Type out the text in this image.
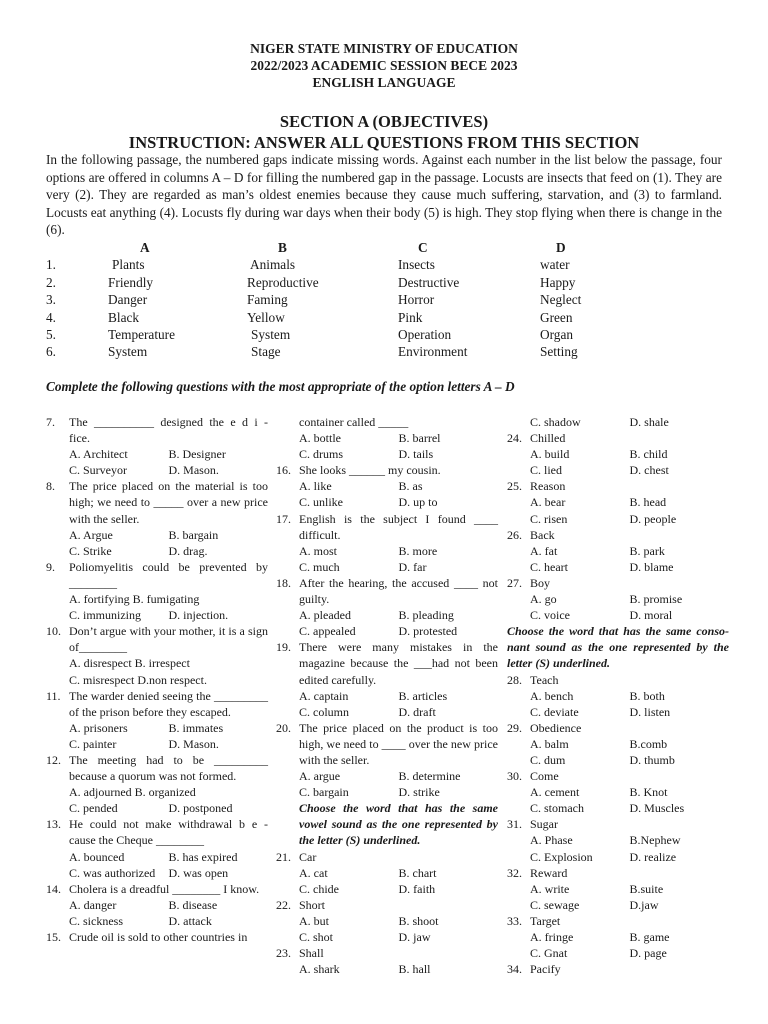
NIGER STATE MINISTRY OF EDUCATION
2022/2023 ACADEMIC SESSION BECE 2023
ENGLISH LANGUAGE
SECTION A (OBJECTIVES)
INSTRUCTION: ANSWER ALL QUESTIONS FROM THIS SECTION
In the following passage, the numbered gaps indicate missing words. Against each number in the list below the passage, four options are offered in columns A – D for filling the numbered gap in the passage. Locusts are insects that feed on (1). They are very (2). They are regarded as man’s oldest enemies because they cause much suffering, starvation, and (3) to farmland. Locusts eat anything (4). Locusts fly during war days when their body (5) is high. They stop flying when there is change in the (6).
A	B	C	D
1.	Plants	Animals	Insects	water
2.	Friendly	Reproductive	Destructive	Happy
3.	Danger	Faming	Horror	Neglect
4.	Black	Yellow	Pink	Green
5.	Temperature	System	Operation	Organ
6.	System	Stage	Environment	Setting
Complete the following questions with the most appropriate of the option letters A – D
7.	The __________ designed the e d i - fice.
A. Architect	B. Designer
C. Surveyor	D. Mason.
8.	The price placed on the material is too high; we need to _____ over a new price with the seller.
A. Argue	B. bargain
C. Strike	D. drag.
9.	Poliomyelitis could be prevented by ________
A. fortifying B. fumigating
C. immunizing	D. injection.
10. Don’t argue with your mother, it is a sign of________
A. disrespect B. irrespect
C. misrespect D.non respect.
11. The warder denied seeing the _________ of the prison before they escaped.
A. prisoners	B. immates
C. painter	D. Mason.
12. The meeting had to be _________ because a quorum was not formed.
A. adjourned B. organized
C. pended	D. postponed
13. He could not make withdrawal b e - cause the Cheque ________
A. bounced	B. has expired
C. was authorized	D. was open
14. Cholera is a dreadful ________ I know.
A. danger	B. disease
C. sickness	D. attack
15. Crude oil is sold to other countries in
container called _____
A. bottle	B. barrel
C. drums	D. tails
16. She looks ______ my cousin.
A. like	B. as
C. unlike	D. up to
17. English is the subject I found ____ difficult.
A. most	B. more
C. much	D. far
18. After the hearing, the accused ____ not guilty.
A. pleaded	B. pleading
C. appealed	D. protested
19. There were many mistakes in the magazine because the ___had not been edited carefully.
A. captain	B. articles
C. column	D. draft
20. The price placed on the product is too high, we need to ____ over the new price with the seller.
A. argue	B. determine
C. bargain	D. strike
Choose the word that has the same vowel sound as the one represented by the letter (S) underlined.
21. Car
A. cat	B. chart
C. chide	D. faith
22. Short
A. but	B. shoot
C. shot	D. jaw
23. Shall
A. shark	B. hall
C. shadow	D. shale
24. Chilled
A. build	B. child
C. lied	D. chest
25. Reason
A. bear	B. head
C. risen	D. people
26. Back
A. fat	B. park
C. heart	D. blame
27. Boy
A. go	B. promise
C. voice	D. moral
Choose the word that has the same conso- nant sound as the one represented by the letter (S) underlined.
28. Teach
A. bench	B. both
C. deviate	D. listen
29. Obedience
A. balm	B.comb
C. dum	D. thumb
30. Come
A. cement	B. Knot
C. stomach	D. Muscles
31. Sugar
A. Phase	B.Nephew
C. Explosion	D. realize
32. Reward
A. write	B.suite
C. sewage	D.jaw
33. Target
A. fringe	B. game
C. Gnat	D. page
34. Pacify
